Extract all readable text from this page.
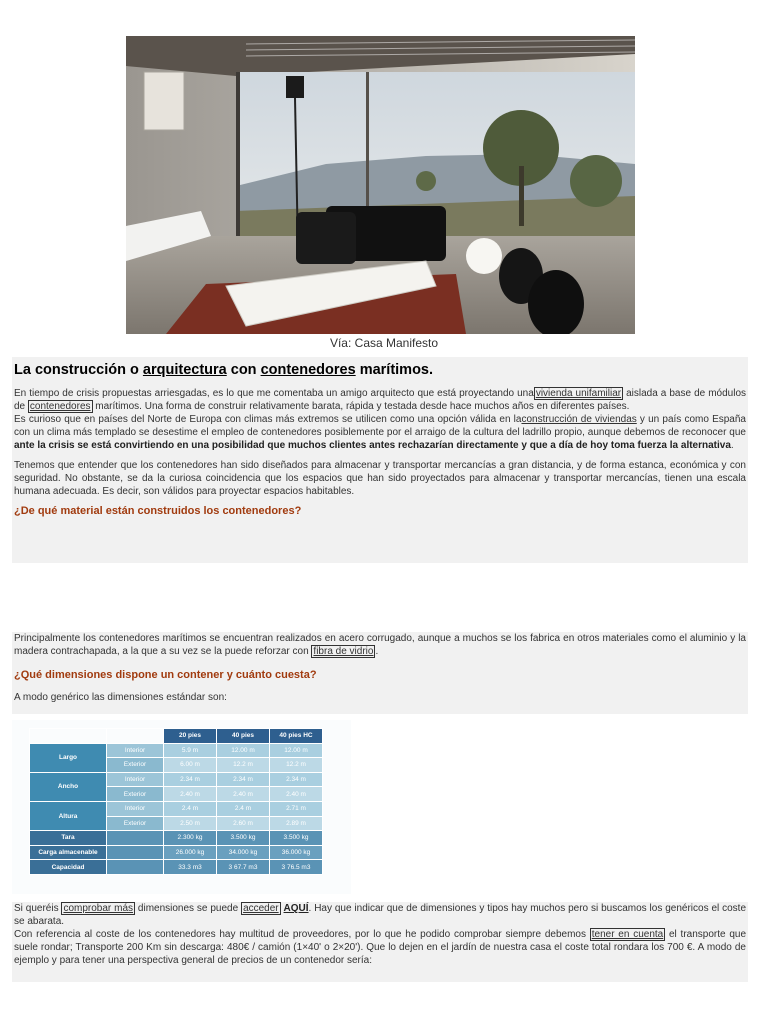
Vía: Casa Manifesto
La construcción o arquitectura con contenedores marítimos.

En tiempo de crisis propuestas arriesgadas, es lo que me comentaba un amigo arquitecto que está proyectando una vivienda unifamiliar aislada a base de módulos de contenedores marítimos. Una forma de construir relativamente barata, rápida y testada desde hace muchos años en diferentes países.

Es curioso que en países del Norte de Europa con climas más extremos se utilicen como una opción válida en laconstrucción de viviendas y un país como España con un clima más templado se desestime el empleo de contenedores posiblemente por el arraigo de la cultura del ladrillo propio, aunque debemos de reconocer que ante la crisis se está convirtiendo en una posibilidad que muchos clientes antes rechazarían directamente y que a día de hoy toma fuerza la alternativa.

Tenemos que entender que los contenedores han sido diseñados para almacenar y transportar mercancías a gran distancia, y de forma estanca, económica y con seguridad. No obstante, se da la curiosa coincidencia que los espacios que han sido proyectados para almacenar y transportar mercancías, tienen una escala humana adecuada. Es decir, son válidos para proyectar espacios habitables.

¿De qué material están construidos los contenedores?

Principalmente los contenedores marítimos se encuentran realizados en acero corrugado, aunque a muchos se los fabrica en otros materiales como el aluminio y la madera contrachapada, a la que a su vez se la puede reforzar con fibra de vidrio .

¿Qué dimensiones dispone un contener y cuánto cuesta?

A modo genérico las dimensiones estándar son:

		20 pies	40 pies	40 pies HC
Largo	Interior	5.9 m	12.00 m	12.00 m
	Exterior	6.00 m	12.2 m	12.2 m
Ancho	Interior	2.34 m	2.34 m	2.34 m
	Exterior	2.40 m	2.40 m	2.40 m
Altura	Interior	2.4 m	2.4 m	2.71 m
	Exterior	2.50 m	2.60 m	2.89 m
Tara		2.300 kg	3.500 kg	3.500 kg
Carga almacenable		26.000 kg	34.000 kg	36.000 kg
Capacidad		33.3 m3	3 67.7 m3	3 76.5 m3

Si queréis comprobar más dimensiones se puede acceder AQUÍ. Hay que indicar que de dimensiones y tipos hay muchos pero si buscamos los genéricos el coste se abarata.

Con referencia al coste de los contenedores hay multitud de proveedores, por lo que he podido comprobar siempre debemos tener en cuenta el transporte que suele rondar; Transporte 200 Km sin descarga: 480€ / camión (1×40' o 2×20'). Que lo dejen en el jardín de nuestra casa el coste total rondara los 700 €. A modo de ejemplo y para tener una perspectiva general de precios de un contenedor sería:
